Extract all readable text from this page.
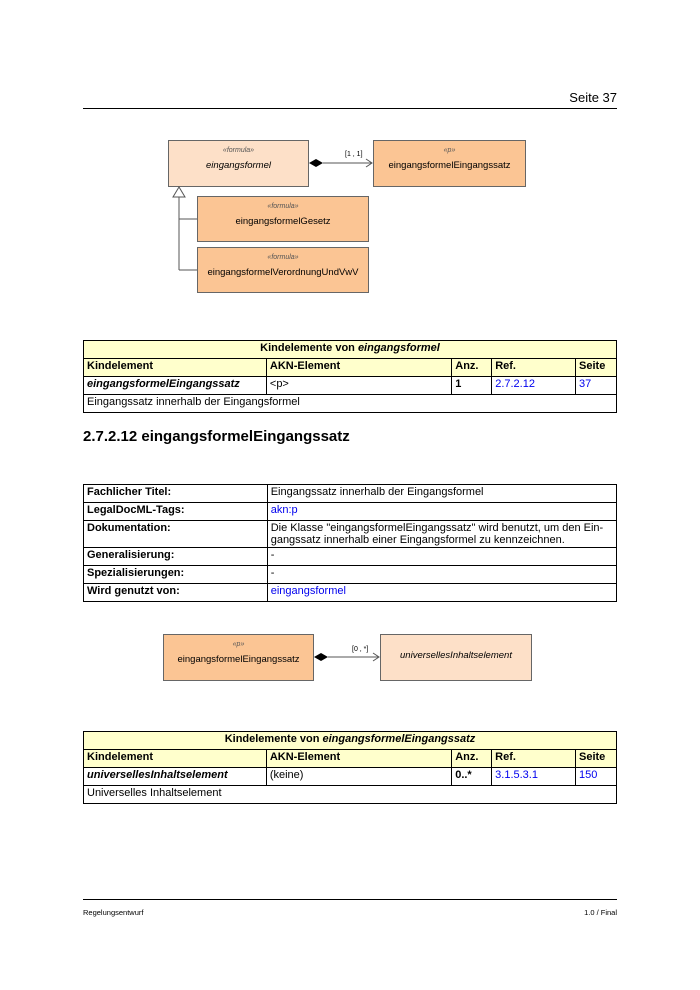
Seite 37
«formula»
eingangsformel
«p»
eingangsformelEingangssatz
[1 , 1]
«formula»
eingangsformelGesetz
«formula»
eingangsformelVerordnungUndVwV
Kindelemente von eingangsformel				
Kindelement	AKN-Element	Anz.	Ref.	Seite
eingangsformelEingangssatz	<p>	1	2.7.2.12	37
Eingangssatz innerhalb der Eingangsformel				
2.7.2.12 eingangsformelEingangssatz
Fachlicher Titel:	Eingangssatz innerhalb der Eingangsformel
LegalDocML-Tags:	akn:p
Dokumentation:	Die Klasse "eingangsformelEingangssatz" wird benutzt, um den Ein-
gangssatz innerhalb einer Eingangsformel zu kennzeichnen.

Generalisierung:	-
Spezialisierungen:	-
Wird genutzt von:	eingangsformel
«p»
eingangsformelEingangssatz	universellesInhaltselement
[0 , *]
Kindelemente von eingangsformelEingangssatz				
Kindelement	AKN-Element	Anz.	Ref.	Seite
universellesInhaltselement	(keine)	0..*	3.1.5.3.1	150
Universelles Inhaltselement				
Regelungsentwurf	1.0 / Final
